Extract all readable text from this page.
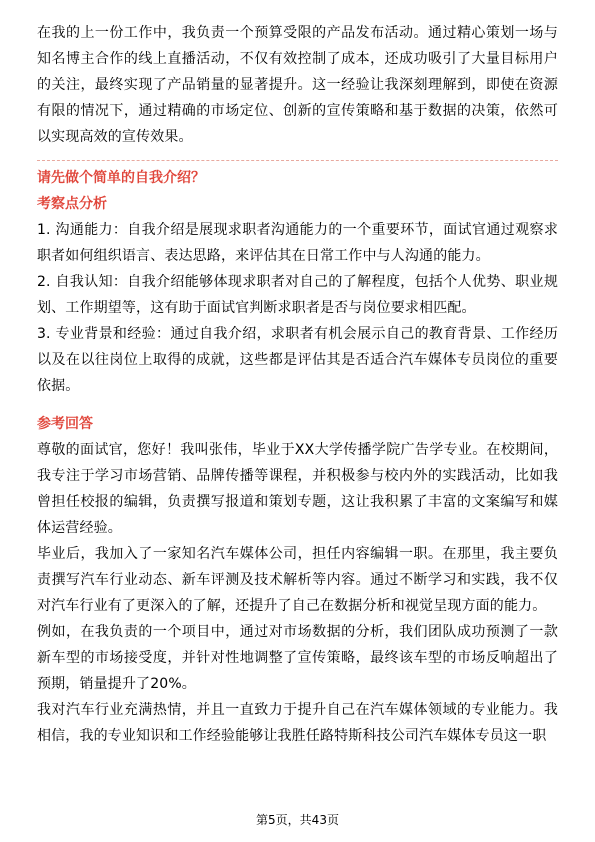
在我的上一份工作中，我负责一个预算受限的产品发布活动。通过精心策划一场与知名博主合作的线上直播活动，不仅有效控制了成本，还成功吸引了大量目标用户的关注，最终实现了产品销量的显著提升。这一经验让我深刻理解到，即使在资源有限的情况下，通过精确的市场定位、创新的宣传策略和基于数据的决策，依然可以实现高效的宣传效果。

请先做个简单的自我介绍？

考察点分析

1. 沟通能力：自我介绍是展现求职者沟通能力的一个重要环节，面试官通过观察求职者如何组织语言、表达思路，来评估其在日常工作中与人沟通的能力。

2. 自我认知：自我介绍能够体现求职者对自己的了解程度，包括个人优势、职业规划、工作期望等，这有助于面试官判断求职者是否与岗位要求相匹配。

3. 专业背景和经验：通过自我介绍，求职者有机会展示自己的教育背景、工作经历以及在以往岗位上取得的成就，这些都是评估其是否适合汽车媒体专员岗位的重要依据。

参考回答

尊敬的面试官，您好！我叫张伟，毕业于XX大学传播学院广告学专业。在校期间，我专注于学习市场营销、品牌传播等课程，并积极参与校内外的实践活动，比如我曾担任校报的编辑，负责撰写报道和策划专题，这让我积累了丰富的文案编写和媒体运营经验。

毕业后，我加入了一家知名汽车媒体公司，担任内容编辑一职。在那里，我主要负责撰写汽车行业动态、新车评测及技术解析等内容。通过不断学习和实践，我不仅对汽车行业有了更深入的了解，还提升了自己在数据分析和视觉呈现方面的能力。

例如，在我负责的一个项目中，通过对市场数据的分析，我们团队成功预测了一款新车型的市场接受度，并针对性地调整了宣传策略，最终该车型的市场反响超出了预期，销量提升了20%。

我对汽车行业充满热情，并且一直致力于提升自己在汽车媒体领域的专业能力。我相信，我的专业知识和工作经验能够让我胜任路特斯科技公司汽车媒体专员这一职

第5页，共43页
